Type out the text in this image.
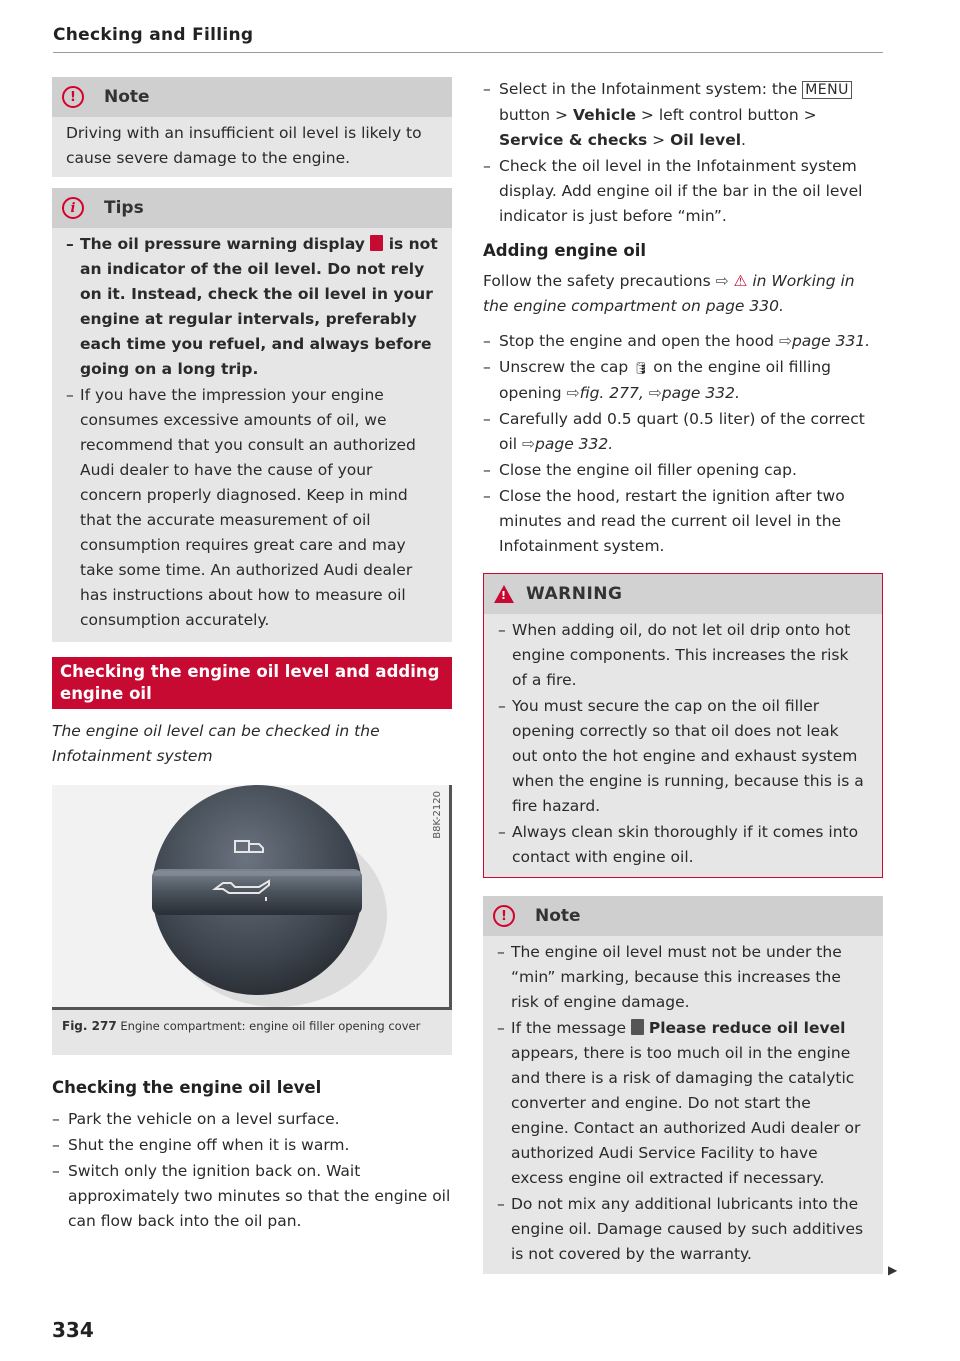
Checking and Filling
!	Note

Driving with an insufficient oil level is likely to cause severe damage to the engine.

i	Tips
– The oil pressure warning display  is not an indicator of the oil level. Do not rely on it. Instead, check the oil level in your engine at regular intervals, preferably each time you refuel, and always before going on a long trip.
– If you have the impression your engine consumes excessive amounts of oil, we recommend that you consult an authorized Audi dealer to have the cause of your concern properly diagnosed. Keep in mind that the accurate measurement of oil consumption requires great care and may take some time. An authorized Audi dealer has instructions about how to measure oil consumption accurately.
Checking the engine oil level and adding engine oil

The engine oil level can be checked in the Infotainment system

B8K-2120
Fig. 277 Engine compartment: engine oil filler opening cover
Checking the engine oil level
– Park the vehicle on a level surface.
– Shut the engine off when it is warm.
– Switch only the ignition back on. Wait approximately two minutes so that the engine oil can flow back into the oil pan.
– Select in the Infotainment system: the MENU button > Vehicle > left control button > Service & checks > Oil level.
– Check the oil level in the Infotainment system display. Add engine oil if the bar in the oil level indicator is just before “min”.
Adding engine oil

Follow the safety precautions ⇨ ⚠ in Working in the engine compartment on page 330.

– Stop the engine and open the hood ⇨page 331.
– Unscrew the cap 🛢 on the engine oil filling opening ⇨fig. 277, ⇨page 332.
– Carefully add 0.5 quart (0.5 liter) of the correct oil ⇨page 332.
– Close the engine oil filler opening cap.
– Close the hood, restart the ignition after two minutes and read the current oil level in the Infotainment system.
! WARNING
– When adding oil, do not let oil drip onto hot engine components. This increases the risk of a fire.
– You must secure the cap on the oil filler opening correctly so that oil does not leak out onto the hot engine and exhaust system when the engine is running, because this is a fire hazard.
– Always clean skin thoroughly if it comes into contact with engine oil.
!	Note
– The engine oil level must not be under the “min” marking, because this increases the risk of engine damage.
– If the message  Please reduce oil level appears, there is too much oil in the engine and there is a risk of damaging the catalytic converter and engine. Do not start the engine. Contact an authorized Audi dealer or authorized Audi Service Facility to have excess engine oil extracted if necessary.
– Do not mix any additional lubricants into the engine oil. Damage caused by such additives is not covered by the warranty.
▶
334
